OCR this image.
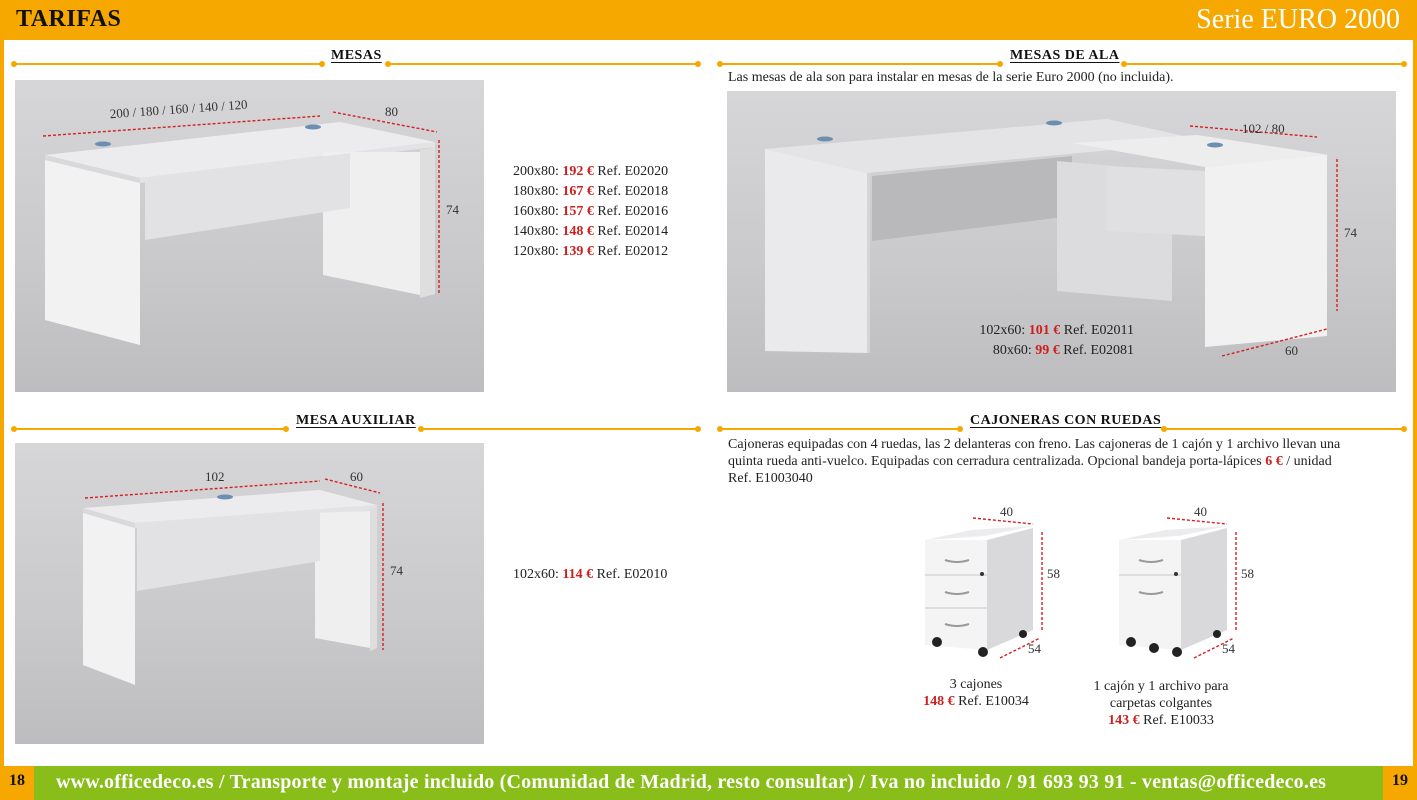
TARIFAS	Serie EURO 2000
MESAS
200 / 180 / 160 / 140 / 120	80
74
200x80: 192 € Ref. E02020
180x80: 167 € Ref. E02018
160x80: 157 € Ref. E02016
140x80: 148 € Ref. E02014
120x80: 139 € Ref. E02012
MESAS DE ALA
Las mesas de ala son para instalar en mesas de la serie Euro 2000 (no incluida).
102 / 80
74
60
102x60: 101 € Ref. E02011
80x60: 99 € Ref. E02081
MESA AUXILIAR
102	60
74	102x60: 114 € Ref. E02010
CAJONERAS CON RUEDAS
Cajoneras equipadas con 4 ruedas, las 2 delanteras con freno. Las cajoneras de 1 cajón y 1 archivo llevan una
quinta rueda anti-vuelco. Equipadas con cerradura centralizada. Opcional bandeja porta-lápices 6 € / unidad
Ref. E1003040
40
58
54
3 cajones
148 € Ref. E10034
40
58
54
1 cajón y 1 archivo para
carpetas colgantes
143 € Ref. E10033
www.officedeco.es / Transporte y montaje incluido (Comunidad de Madrid, resto consultar) / Iva no incluido / 91 693 93 91 - ventas@officedeco.es
18	19
